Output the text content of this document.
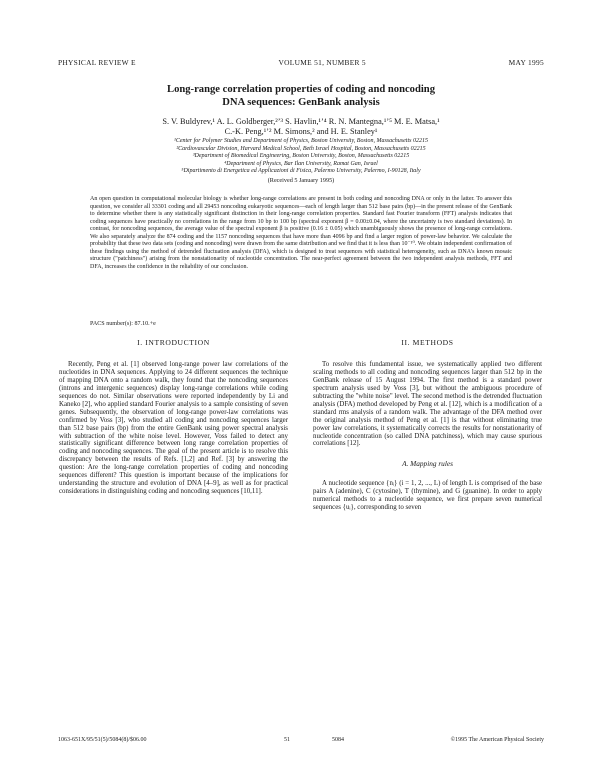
PHYSICAL REVIEW E	VOLUME 51, NUMBER 5	MAY 1995
Long-range correlation properties of coding and noncoding
DNA sequences: GenBank analysis
S. V. Buldyrev,¹ A. L. Goldberger,²ʼ³ S. Havlin,¹ʼ⁴ R. N. Mantegna,¹ʼ⁵ M. E. Matsa,¹
C.-K. Peng,¹ʼ² M. Simons,² and H. E. Stanley¹
¹Center for Polymer Studies and Department of Physics, Boston University, Boston, Massachusetts 02215
²Cardiovascular Division, Harvard Medical School, Beth Israel Hospital, Boston, Massachusetts 02215
³Department of Biomedical Engineering, Boston University, Boston, Massachusetts 02215
⁴Department of Physics, Bar Ilan University, Ramat Gan, Israel
⁵Dipartimento di Energetica ed Applicazioni di Fisica, Palermo University, Palermo, I-90128, Italy
(Received 5 January 1995)
An open question in computational molecular biology is whether long-range correlations are present in both coding and noncoding DNA or only in the latter. To answer this question, we consider all 33301 coding and all 29453 noncoding eukaryotic sequences—each of length larger than 512 base pairs (bp)—in the present release of the GenBank to determine whether there is any statistically significant distinction in their long-range correlation properties. Standard fast Fourier transform (FFT) analysis indicates that coding sequences have practically no correlations in the range from 10 bp to 100 bp (spectral exponent β = 0.00±0.04, where the uncertainty is two standard deviations). In contrast, for noncoding sequences, the average value of the spectral exponent β is positive (0.16 ± 0.05) which unambiguously shows the presence of long-range correlations. We also separately analyze the 874 coding and the 1157 noncoding sequences that have more than 4096 bp and find a larger region of power-law behavior. We calculate the probability that these two data sets (coding and noncoding) were drawn from the same distribution and we find that it is less than 10⁻¹⁰. We obtain independent confirmation of these findings using the method of detrended fluctuation analysis (DFA), which is designed to treat sequences with statistical heterogeneity, such as DNA's known mosaic structure ("patchiness") arising from the nonstationarity of nucleotide concentration. The near-perfect agreement between the two independent analysis methods, FFT and DFA, increases the confidence in the reliability of our conclusion.
PACS number(s): 87.10.+e
I. INTRODUCTION

Recently, Peng et al. [1] observed long-range power law correlations of the nucleotides in DNA sequences. Applying to 24 different sequences the technique of mapping DNA onto a random walk, they found that the noncoding sequences (introns and intergenic sequences) display long-range correlations while coding sequences do not. Similar observations were reported independently by Li and Kaneko [2], who applied standard Fourier analysis to a sample consisting of seven genes. Subsequently, the observation of long-range power-law correlations was confirmed by Voss [3], who studied all coding and noncoding sequences larger than 512 base pairs (bp) from the entire GenBank using power spectral analysis with subtraction of the white noise level. However, Voss failed to detect any statistically significant difference between long range correlation properties of coding and noncoding sequences. The goal of the present article is to resolve this discrepancy between the results of Refs. [1,2] and Ref. [3] by answering the question: Are the long-range correlation properties of coding and noncoding sequences different? This question is important because of the implications for understanding the structure and evolution of DNA [4–9], as well as for practical considerations in distinguishing coding and noncoding sequences [10,11].

II. METHODS

To resolve this fundamental issue, we systematically applied two different scaling methods to all coding and noncoding sequences larger than 512 bp in the GenBank release of 15 August 1994. The first method is a standard power spectrum analysis used by Voss [3], but without the ambiguous procedure of subtracting the "white noise" level. The second method is the detrended fluctuation analysis (DFA) method developed by Peng et al. [12], which is a modification of a standard rms analysis of a random walk. The advantage of the DFA method over the original analysis method of Peng et al. [1] is that without eliminating true power law correlations, it systematically corrects the results for nonstationarity of nucleotide concentration (so called DNA patchiness), which may cause spurious correlations [12].

A. Mapping rules

A nucleotide sequence {nᵢ} (i = 1, 2, ..., L) of length L is comprised of the base pairs A (adenine), C (cytosine), T (thymine), and G (guanine). In order to apply numerical methods to a nucleotide sequence, we first prepare seven numerical sequences {uᵢ}, corresponding to seven

1063-651X/95/51(5)/5084(8)/$06.00	51	5084	©1995 The American Physical Society
